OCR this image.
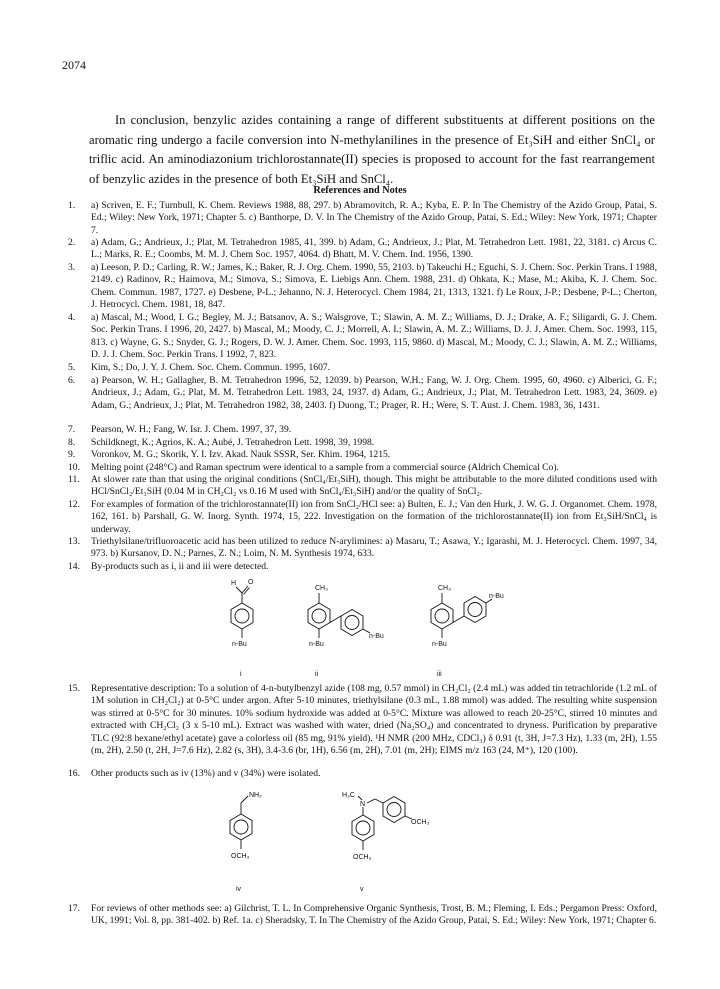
2074

In conclusion, benzylic azides containing a range of different substituents at different positions on the aromatic ring undergo a facile conversion into N-methylanilines in the presence of Et₃SiH and either SnCl₄ or triflic acid. An aminodiazonium trichlorostannate(II) species is proposed to account for the fast rearrangement of benzylic azides in the presence of both Et₃SiH and SnCl₄.

References and Notes
1.	a) Scriven, E. F.; Turnbull, K. Chem. Reviews 1988, 88, 297. b) Abramovitch, R. A.; Kyba, E. P. In The Chemistry of the Azido Group, Patai, S. Ed.; Wiley: New York, 1971; Chapter 5. c) Banthorpe, D. V. In The Chemistry of the Azido Group, Patai, S. Ed.; Wiley: New York, 1971; Chapter 7.
2.	a) Adam, G.; Andrieux, J.; Plat, M. Tetrahedron 1985, 41, 399. b) Adam, G.; Andrieux, J.; Plat, M. Tetrahedron Lett. 1981, 22, 3181. c) Arcus C. L.; Marks, R. E.; Coombs, M. M. J. Chem Soc. 1957, 4064. d) Bhatt, M. V. Chem. Ind. 1956, 1390.
3.	a) Leeson, P. D.; Carling, R. W.; James, K.; Baker, R. J. Org. Chem. 1990, 55, 2103. b) Takeuchi H.; Eguchi, S. J. Chem. Soc. Perkin Trans. I 1988, 2149. c) Radinov, R.; Haimova, M.; Simova, S.; Simova, E. Liebigs Ann. Chem. 1988, 231. d) Ohkata, K.; Mase, M.; Akiba, K. J. Chem. Soc. Chem. Commun. 1987, 1727. e) Desbene, P-L.; Jehanno, N. J. Heterocycl. Chem 1984, 21, 1313, 1321. f) Le Roux, J-P.; Desbene, P-L.; Cherton, J. Hetrocycl. Chem. 1981, 18, 847.
4.	a) Mascal, M.; Wood, I. G.; Begley, M. J.; Batsanov, A. S.; Walsgrove, T.; Slawin, A. M. Z.; Williams, D. J.; Drake, A. F.; Siligardi, G. J. Chem. Soc. Perkin Trans. I 1996, 20, 2427. b) Mascal, M.; Moody, C. J.; Morrell, A. I.; Slawin, A. M. Z.; Williams, D. J. J. Amer. Chem. Soc. 1993, 115, 813. c) Wayne, G. S.; Snyder, G. J.; Rogers, D. W. J. Amer. Chem. Soc. 1993, 115, 9860. d) Mascal, M.; Moody, C. J.; Slawin, A. M. Z.; Williams, D. J. J. Chem. Soc. Perkin Trans. I 1992, 7, 823.
5.	Kim, S.; Do, J. Y. J. Chem. Soc. Chem. Commun. 1995, 1607.
6.	a) Pearson, W. H.; Gallagher, B. M. Tetrahedron 1996, 52, 12039. b) Pearson, W.H.; Fang, W. J. Org. Chem. 1995, 60, 4960. c) Alberici, G. F.; Andrieux, J.; Adam, G.; Plat, M. M. Tetrahedron Lett. 1983, 24, 1937. d) Adam, G.; Andrieux, J.; Plat, M. Tetrahedron Lett. 1983, 24, 3609. e) Adam, G.; Andrieux, J.; Plat, M. Tetrahedron 1982, 38, 2403. f) Duong, T.; Prager, R. H.; Were, S. T. Aust. J. Chem. 1983, 36, 1431.
7.	Pearson, W. H.; Fang, W. Isr. J. Chem. 1997, 37, 39.
8.	Schildknegt, K.; Agrios, K. A.; Aubé, J. Tetrahedron Lett. 1998, 39, 1998.
9.	Voronkov, M. G.; Skorik, Y. I. Izv. Akad. Nauk SSSR, Ser. Khim. 1964, 1215.
10.	Melting point (248°C) and Raman spectrum were identical to a sample from a commercial source (Aldrich Chemical Co).
11.	At slower rate than that using the original conditions (SnCl₄/Et₃SiH), though. This might be attributable to the more diluted conditions used with HCl/SnCl₂/Et₃SiH (0.04 M in CH₂Cl₂ vs 0.16 M used with SnCl₄/Et₃SiH) and/or the quality of SnCl₂.
12.	For examples of formation of the trichlorostannate(II) ion from SnCl₂/HCl see: a) Bulten, E. J.; Van den Hurk, J. W. G. J. Organomet. Chem. 1978, 162, 161. b) Parshall, G. W. Inorg. Synth. 1974, 15, 222. Investigation on the formation of the trichlorostannate(II) ion from Et₃SiH/SnCl₄ is underway.
13.	Triethylsilane/trifluoroacetic acid has been utilized to reduce N-arylimines: a) Masaru, T.; Asawa, Y.; Igarashi, M. J. Heterocycl. Chem. 1997, 34, 973. b) Kursanov, D. N.; Parnes, Z. N.; Loim, N. M. Synthesis 1974, 633.
14.	By-products such as i, ii and iii were detected.
15.	Representative description: To a solution of 4-n-butylbenzyl azide (108 mg, 0.57 mmol) in CH₂Cl₂ (2.4 mL) was added tin tetrachloride (1.2 mL of 1M solution in CH₂Cl₂) at 0-5°C under argon. After 5-10 minutes, triethylsilane (0.3 mL, 1.88 mmol) was added. The resulting white suspension was stirred at 0-5°C for 30 minutes. 10% sodium hydroxide was added at 0-5°C. Mixture was allowed to reach 20-25°C, stirred 10 minutes and extracted with CH₂Cl₂ (3 x 5-10 mL). Extract was washed with water, dried (Na₂SO₄) and concentrated to dryness. Purification by preparative TLC (92:8 hexane/ethyl acetate) gave a colorless oil (85 mg, 91% yield). ¹H NMR (200 MHz, CDCl₃) δ 0.91 (t, 3H, J=7.3 Hz), 1.33 (m, 2H), 1.55 (m, 2H), 2.50 (t, 2H, J=7.6 Hz), 2.82 (s, 3H), 3.4-3.6 (br, 1H), 6.56 (m, 2H), 7.01 (m, 2H); EIMS m/z 163 (24, M⁺), 120 (100).
16.	Other products such as iv (13%) and v (34%) were isolated.
17.	For reviews of other methods see: a) Gilchrist, T. L. In Comprehensive Organic Synthesis, Trost, B. M.; Fleming, I. Eds.; Pergamon Press: Oxford, UK, 1991; Vol. 8, pp. 381-402. b) Ref. 1a. c) Sheradsky, T. In The Chemistry of the Azido Group, Patai, S. Ed.; Wiley: New York, 1971; Chapter 6.
H O
n-Bu
i
CH₃
n-Bu
n-Bu
ii
CH₃
n-Bu
n-Bu
iii
NH₂
OCH₃
iv
H₃C
N
OCH₃
OCH₃
v
